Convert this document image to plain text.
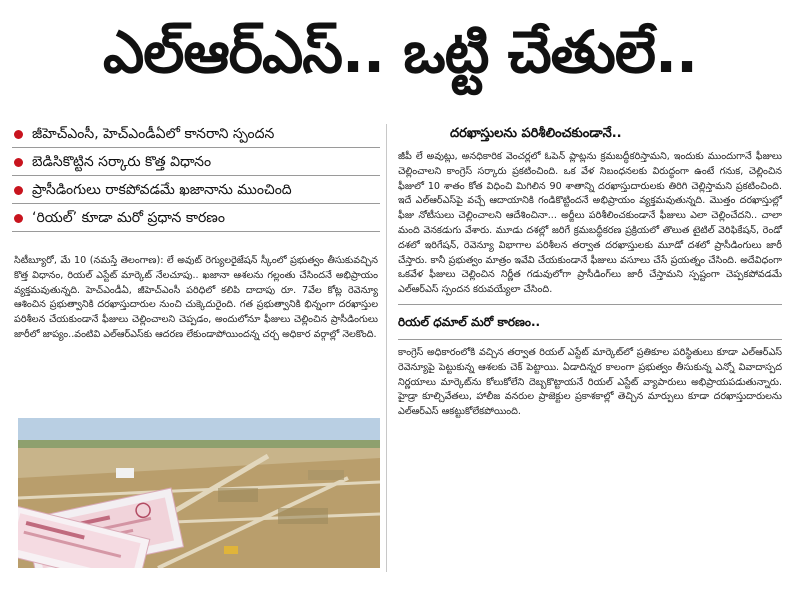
ఎల్‌ఆర్‌ఎస్‌.. ఒట్టి చేతులే..
జీహెచ్‌ఎంసీ, హెచ్‌ఎండీఏలో కానరాని స్పందన
బెడిసికొట్టిన సర్కారు కొత్త విధానం
ప్రాసీడింగులు రాకపోవడమే ఖజానాను ముంచింది
‘రియల్‌’ కూడా మరో ప్రధాన కారణం
సిటీబ్యూరో, మే 10 (నమస్తే తెలంగాణ): లే అవుట్‌ రెగ్యులరైజేషన్‌ స్కీంలో ప్రభుత్వం తీసుకువచ్చిన కొత్త విధానం, రియల్‌ ఎస్టేట్‌ మార్కెట్‌ నేలచూపు.. ఖజానా ఆశలను గల్లంతు చేసిందనే అభిప్రాయం వ్యక్తమవుతున్నది. హెచ్‌ఎండీఏ, జీహెచ్‌ఎంసీ పరిధిలో కలిపి దాదాపు రూ. 7వేల కోట్ల రెవెన్యూ ఆశించిన ప్రభుత్వానికి దరఖాస్తుదారుల నుంచి చుక్కెదురైంది. గత ప్రభుత్వానికి భిన్నంగా దరఖాస్తుల పరిశీలన చేయకుండానే ఫీజులు చెల్లించాలని చెప్పడం, అందులోనూ ఫీజులు చెల్లించిన ప్రాసీడింగులు జారీలో జాప్యం..వంటివి ఎల్‌ఆర్‌ఎస్‌కు ఆదరణ లేకుండాపోయిందన్న చర్చ అధికార వర్గాల్లో నెలకొంది.
దరఖాస్తులను పరిశీలించకుండానే..
జీపీ లే అవుట్లు, అనధికారిక వెంచర్లలో ఓపెన్‌ ప్లాట్లను క్రమబద్ధీకరిస్తామని, ఇందుకు ముందుగానే ఫీజులు చెల్లించాలని కాంగ్రెస్‌ సర్కారు ప్రకటించింది. ఒక వేళ నిబంధనలకు విరుద్ధంగా ఉంటే గనుక, చెల్లించిన ఫీజులో 10 శాతం కోత విధించి మిగిలిన 90 శాతాన్ని దరఖాస్తుదారులకు తిరిగి చెల్లిస్తామని ప్రకటించింది. ఇదే ఎల్‌ఆర్‌ఎస్‌పై వచ్చే ఆదాయానికి గండికొట్టిందనే అభిప్రాయం వ్యక్తమవుతున్నది. మొత్తం దరఖాస్తుల్లో ఫీజు నోటీసులు చెల్లించాలని ఆదేశించినా... అర్జీలు పరిశీలించకుండానే ఫీజులు ఎలా చెల్లించేదని.. చాలా మంది వెనకడుగు వేశారు. మూడు దశల్లో జరిగే క్రమబద్ధీకరణ ప్రక్రియలో తొలుత టైటిల్‌ వెరిఫికేషన్‌, రెండో దశలో ఇరిగేషన్‌, రెవెన్యూ విభాగాల పరిశీలన తర్వాత దరఖాస్తులకు మూడో దశలో ప్రాసీడింగులు జారీ చేస్తారు. కానీ ప్రభుత్వం మాత్రం ఇవేవి చేయకుండానే ఫీజులు వసూలు చేసే ప్రయత్నం చేసింది. అదేవిధంగా ఒకవేళ ఫీజులు చెల్లించిన నిర్ణీత గడువులోగా ప్రాసీడింగ్‌లు జారీ చేస్తామని స్పష్టంగా చెప్పకపోవడమే ఎల్‌ఆర్‌ఎస్‌ స్పందన కరువయ్యేలా చేసింది.
రియల్‌ ధమాల్‌ మరో కారణం..
కాంగ్రెస్‌ అధికారంలోకి వచ్చిన తర్వాత రియల్‌ ఎస్టేట్‌ మార్కెట్‌లో ప్రతికూల పరిస్థితులు కూడా ఎల్‌ఆర్‌ఎస్‌ రెవెన్యూపై పెట్టుకున్న ఆశలకు చెక్‌ పెట్టాయి. ఏడాదిన్నర కాలంగా ప్రభుత్వం తీసుకున్న ఎన్నో వివాదాస్పద నిర్ణయాలు మార్కెట్‌ను కోలుకోలేని దెబ్బకొట్టాయనే రియల్‌ ఎస్టేట్‌ వ్యాపారులు అభిప్రాయపడుతున్నారు. హైడ్రా కూల్చివేతలు, హాలీజ వనరుల ప్రాజెక్టుల ప్రకాశకాల్లో తెచ్చిన మార్పులు కూడా దరఖాస్తుదారులను ఎల్‌ఆర్‌ఎస్‌ ఆకట్టుకోలేకపోయింది.
